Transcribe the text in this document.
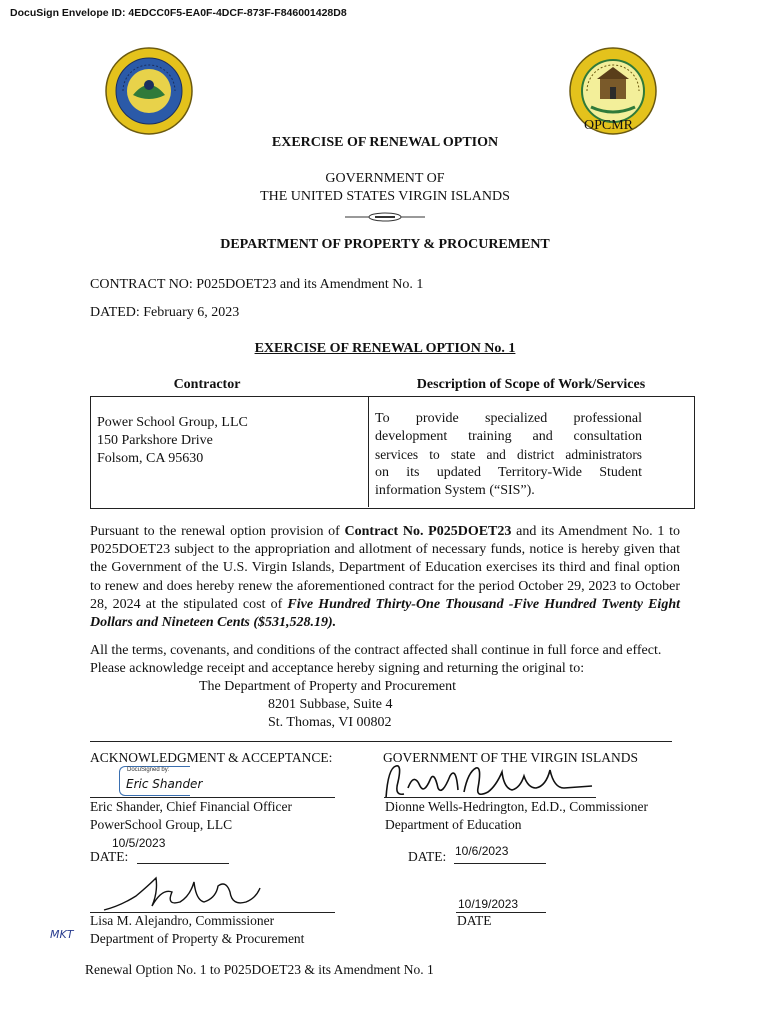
DocuSign Envelope ID: 4EDCC0F5-EA0F-4DCF-873F-F846001428D8
OPCMR
EXERCISE OF RENEWAL OPTION
GOVERNMENT OF
THE UNITED STATES VIRGIN ISLANDS
DEPARTMENT OF PROPERTY & PROCUREMENT
CONTRACT NO: P025DOET23 and its Amendment No. 1
DATED: February 6, 2023
EXERCISE OF RENEWAL OPTION No. 1
Contractor	Description of Scope of Work/Services
Power School Group, LLC
150 Parkshore Drive
Folsom, CA 95630
To provide specialized professional
development training and consultation
services to state and district administrators
on its updated Territory-Wide Student
information System (“SIS”).
Pursuant to the renewal option provision of Contract No. P025DOET23 and its Amendment No. 1 to P025DOET23 subject to the appropriation and allotment of necessary funds, notice is hereby given that the Government of the U.S. Virgin Islands, Department of Education exercises its third and final option to renew and does hereby renew the aforementioned contract for the period October 29, 2023 to October 28, 2024 at the stipulated cost of Five Hundred Thirty-One Thousand -Five Hundred Twenty Eight Dollars and Nineteen Cents ($531,528.19).
All the terms, covenants, and conditions of the contract affected shall continue in full force and effect. Please acknowledge receipt and acceptance hereby signing and returning the original to:
The Department of Property and Procurement
8201 Subbase, Suite 4
St. Thomas, VI 00802
ACKNOWLEDGMENT & ACCEPTANCE:	GOVERNMENT OF THE VIRGIN ISLANDS
DocuSigned by:
Eric Shander
Eric Shander, Chief Financial Officer
PowerSchool Group, LLC
Dionne Wells-Hedrington, Ed.D., Commissioner
Department of Education
10/5/2023
DATE:	DATE: 10/6/2023
10/19/2023
MKT
Lisa M. Alejandro, Commissioner
Department of Property & Procurement
DATE
Renewal Option No. 1 to P025DOET23 & its Amendment No. 1
